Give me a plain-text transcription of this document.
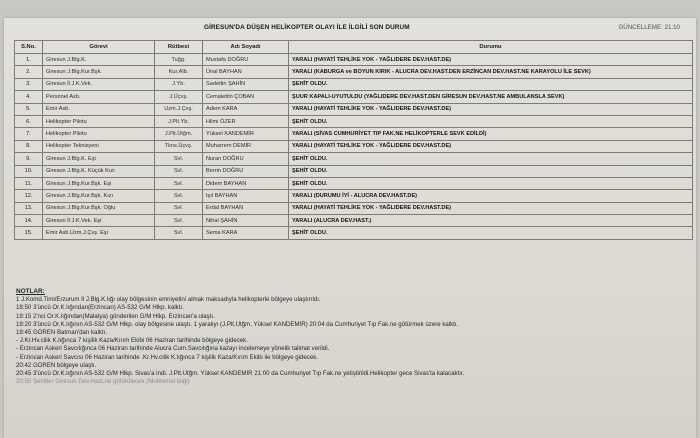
GİRESUN'DA DÜŞEN HELİKOPTER OLAYI İLE İLGİLİ SON DURUM	GÜNCELLEME: 21:10
S.No.	Görevi	Rütbesi	Adı Soyadı	Durumu
1.	Giresun J.Blg.K.	Tuğg.	Mustafa DOĞRU	YARALI (HAYATİ TEHLİKE YOK - YAĞLIDERE DEV.HAST.DE)
2.	Giresun J.Blg.Kur.Bşk.	Kur.Alb.	Ünal BAYHAN	YARALI (KABURGA ve BOYUN KIRIK - ALUCRA DEV.HAST.DEN ERZİNCAN DEV.HAST.NE KARAYOLU İLE SEVK)
3.	Giresun İl J.K.Vek.	J.Yb.	Sadettin ŞAHİN	ŞEHİT OLDU.
4.	Personel Asb.	J.Üçvş.	Cemalettin ÇOBAN	ŞUUR KAPALI-UYUTULDU (YAĞLIDERE DEV.HAST.DEN GİRESUN DEV.HAST.NE AMBULANSLA SEVK)
5.	Emir Asb.	Uzm.J.Çvş.	Adem KARA	YARALI (HAYATİ TEHLİKE YOK - YAĞLIDERE DEV.HAST.DE)
6.	Helikopter Pilotu	J.Plt.Yb.	Hilmi ÖZER	ŞEHİT OLDU.
7.	Helikopter Pilotu	J.Plt.Ütğm.	Yüksel KANDEMİR	YARALI (SİVAS CUMHURİYET TIP FAK.NE HELİKOPTERLE SEVK EDİLDİ)
8.	Helikopter Teknisyeni	Tkns.Üçvş.	Muharrem DEMİR	YARALI (HAYATİ TEHLİKE YOK - YAĞLIDERE DEV.HAST.DE)
9.	Giresun J.Blg.K. Eşi	Svl.	Nuran DOĞRU	ŞEHİT OLDU.
10.	Giresun J.Blg.K. Küçük Kızı	Svl.	Berrin DOĞRU	ŞEHİT OLDU.
11.	Giresun J.Blg.Kur.Bşk. Eşi	Svl.	Didem BAYHAN	ŞEHİT OLDU.
12.	Giresun J.Blg.Kur.Bşk. Kızı	Svl.	Işıl BAYHAN	YARALI (DURUMU İYİ - ALUCRA DEV.HAST.DE)
13.	Giresun J.Blg.Kur.Bşk. Oğlu	Svl.	Erdal BAYHAN	YARALI (HAYATİ TEHLİKE YOK - YAĞLIDERE DEV.HAST.DE)
14.	Giresun İl J.K.Vek. Eşi	Svl.	Nihal ŞAHİN	YARALI (ALUCRA DEV.HAST.)
15.	Emir Asb.Uzm.J.Çvş. Eşi	Svl.	Sema KARA	ŞEHİT OLDU.
NOTLAR:
1 J.Komd.Timi/Erzurum İl J.Blg.K.lığı olay bölgesinin emniyetini almak maksadıyla helikopterle bölgeye ulaştırıldı.
18:50 3'üncü Or.K.lığından(Erzincan) AS-532 G/M Hlkp. kalktı.
19:15 2'nci Or.K.lığından(Malatya) gönderilen G/M Hlkp. Erzincan'a ulaştı.
19:20 3'üncü Or.K.lığının AS-532 G/M Hlkp. olay bölgesine ulaştı. 1 yaralıyı (J.Plt.Ütğm. Yüksel KANDEMİR) 20:04 da Cumhuriyet Tıp Fak.ne götürmek üzere kalktı.
19:45 GÖREN Batman'dan kalktı.
- J.Kr.Hv.cilik K.lığınca 7 kişilik Kaza/Kırım Ekibi 06 Haziran tarihinde bölgeye gidecek.
- Erzincan Askeri Savcılığınca 06 Haziran tarihinde Alucra Cum.Savcılığına kazayı incelemeye yönelik talimat verildi.
- Erzincan Askeri Savcısı 06 Haziran tarihinde .Kr.Hv.cilik K.lığınca 7 kişilik Kaza/Kırım Ekibi ile bölgeye gidecek.
20:42 GÖREN bölgeye ulaştı.
20:45 3'üncü Or.K.lığının AS-532 G/M Hlkp. Sivas'a indi. J.Plt.Ütğm. Yüksel KANDEMİR 21:00 da Cumhuriyet Tıp Fak.ne yetiştirildi.Helikopter gece Sivas'ta kalacaktır.
20:55 Şehitler Giresun Dev.Hast.ne götürülecek (Muhtemel bilgi)
